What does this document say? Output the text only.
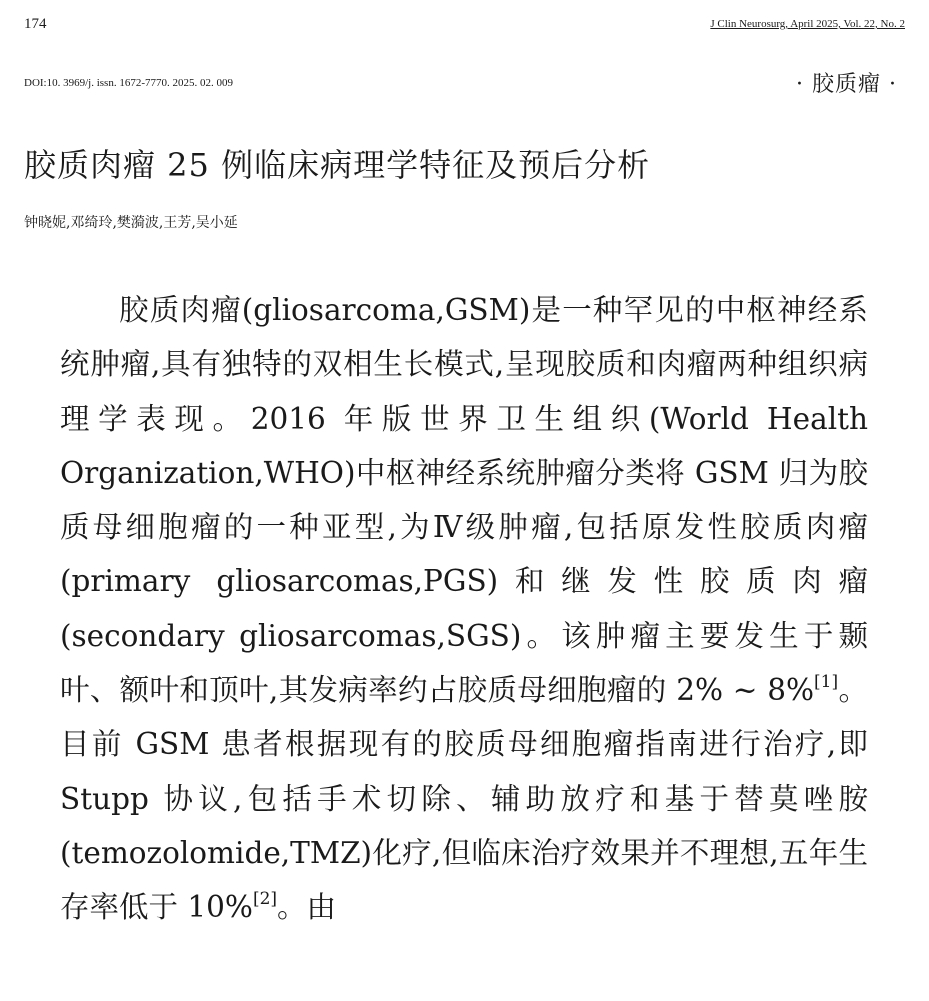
174	J Clin Neurosurg, April 2025, Vol. 22, No. 2
DOI:10. 3969/j. issn. 1672-7770. 2025. 02. 009	· 胶质瘤 ·
胶质肉瘤 25 例临床病理学特征及预后分析
钟晓妮,邓绮玲,樊漪波,王芳,吴小延

胶质肉瘤(gliosarcoma,GSM)是一种罕见的中枢神经系统肿瘤,具有独特的双相生长模式,呈现胶质和肉瘤两种组织病理学表现。2016 年版世界卫生组织(World Health Organization,WHO)中枢神经系统肿瘤分类将 GSM 归为胶质母细胞瘤的一种亚型,为Ⅳ级肿瘤,包括原发性胶质肉瘤(primary gliosarcomas,PGS)和继发性胶质肉瘤(secondary gliosarcomas,SGS)。该肿瘤主要发生于颞叶、额叶和顶叶,其发病率约占胶质母细胞瘤的 2% ~ 8%[1]。目前 GSM 患者根据现有的胶质母细胞瘤指南进行治疗,即 Stupp 协议,包括手术切除、辅助放疗和基于替莫唑胺(temozolomide,TMZ)化疗,但临床治疗效果并不理想,五年生存率低于 10%[2]。由
